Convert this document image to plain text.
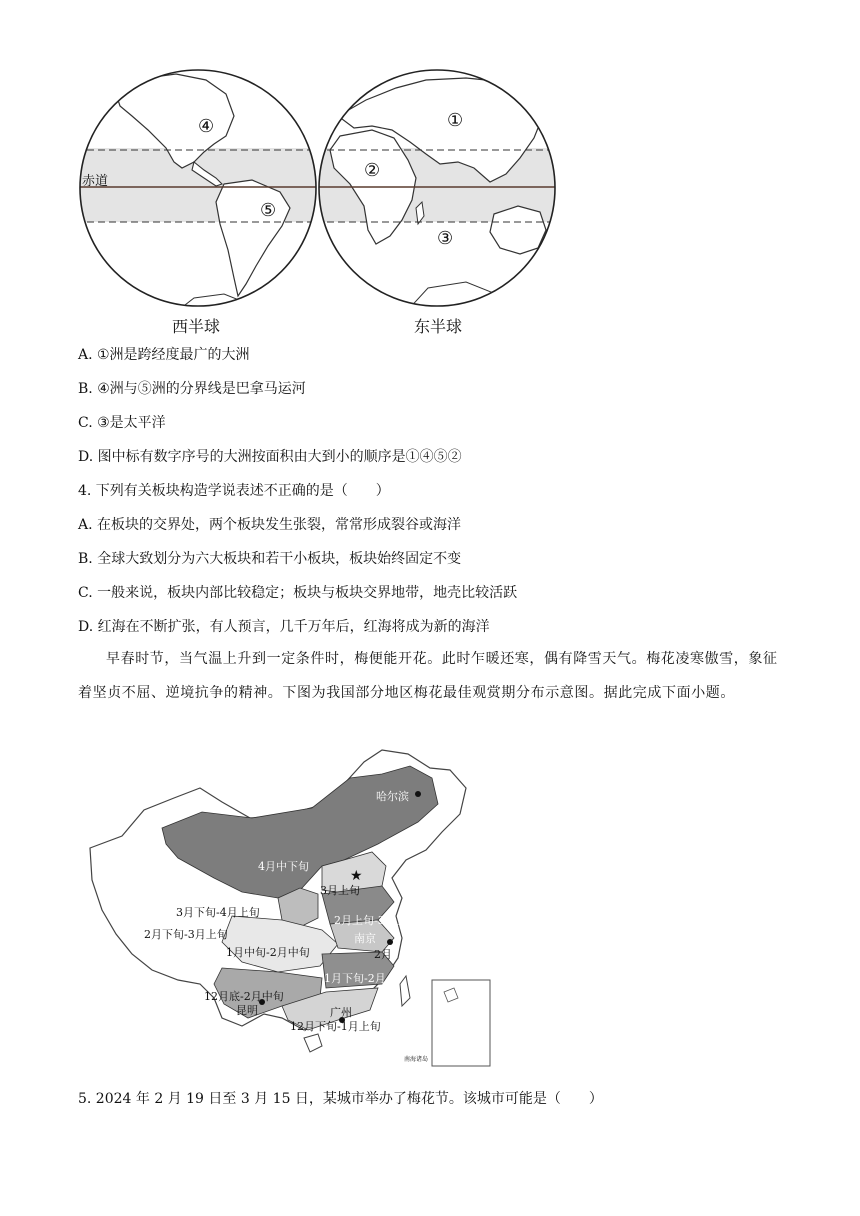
赤道
④
⑤
①
②
③
西半球	东半球
A. ①洲是跨经度最广的大洲
B. ④洲与⑤洲的分界线是巴拿马运河
C. ③是太平洋
D. 图中标有数字序号的大洲按面积由大到小的顺序是①④⑤②
4. 下列有关板块构造学说表述不正确的是（　　）
A. 在板块的交界处，两个板块发生张裂，常常形成裂谷或海洋
B. 全球大致划分为六大板块和若干小板块，板块始终固定不变
C. 一般来说，板块内部比较稳定；板块与板块交界地带，地壳比较活跃
D. 红海在不断扩张，有人预言，几千万年后，红海将成为新的海洋
早春时节，当气温上升到一定条件时，梅便能开花。此时乍暖还寒，偶有降雪天气。梅花凌寒傲雪，象征着坚贞不屈、逆境抗争的精神。下图为我国部分地区梅花最佳观赏期分布示意图。据此完成下面小题。
★
南海诸岛
哈尔滨
4月中下旬
3月上旬
3月下旬-4月上旬
2月上旬-3月上旬
2月下旬-3月上旬	南京
1月中旬-2月中旬	2月
1月下旬-2月
12月底-2月中旬
昆明	广州
12月下旬-1月上旬
5. 2024 年 2 月 19 日至 3 月 15 日，某城市举办了梅花节。该城市可能是（　　）
